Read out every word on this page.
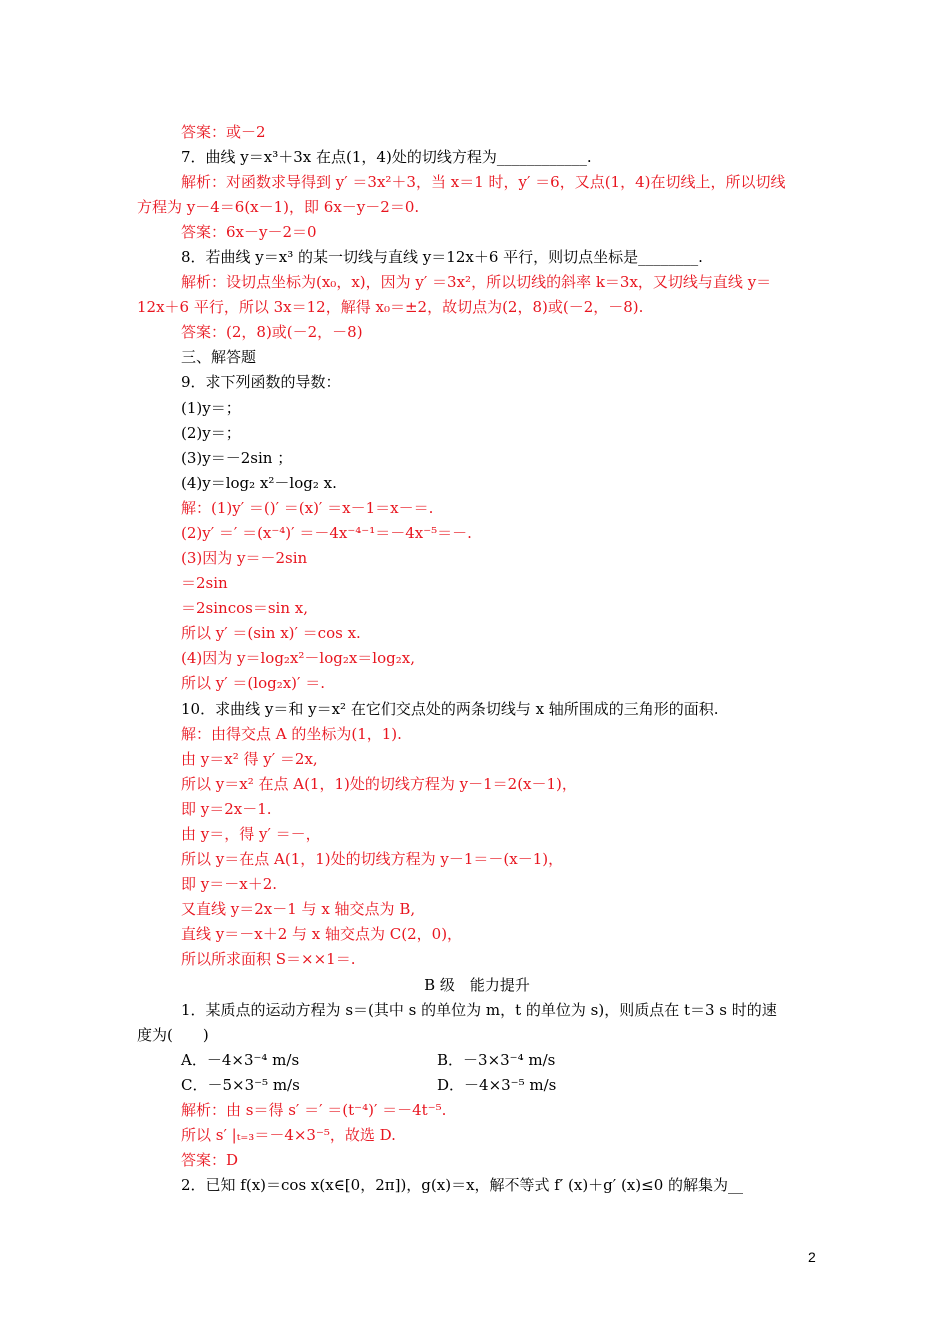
答案：或－2
7．曲线 y＝x³＋3x 在点(1，4)处的切线方程为____________.
解析：对函数求导得到 y′ ＝3x²＋3，当 x＝1 时，y′ ＝6，又点(1，4)在切线上，所以切线
方程为 y－4＝6(x－1)，即 6x－y－2＝0.
答案：6x－y－2＝0
8．若曲线 y＝x³ 的某一切线与直线 y＝12x＋6 平行，则切点坐标是________.
解析：设切点坐标为(x₀，x)，因为 y′ ＝3x²，所以切线的斜率 k＝3x，又切线与直线 y＝
12x＋6 平行，所以 3x＝12，解得 x₀＝±2，故切点为(2，8)或(－2，－8).
答案：(2，8)或(－2，－8)
三、解答题
9．求下列函数的导数：
(1)y＝；
(2)y＝；
(3)y＝－2sin ；
(4)y＝log₂ x²－log₂ x.
解：(1)y′ ＝()′ ＝(x)′ ＝x－1＝x－＝.
(2)y′ ＝′ ＝(x⁻⁴)′ ＝－4x⁻⁴⁻¹＝－4x⁻⁵＝－.
(3)因为 y＝－2sin
＝2sin
＝2sincos＝sin x,
所以 y′ ＝(sin x)′ ＝cos x.
(4)因为 y＝log₂x²－log₂x＝log₂x,
所以 y′ ＝(log₂x)′ ＝.
10．求曲线 y＝和 y＝x² 在它们交点处的两条切线与 x 轴所围成的三角形的面积.
解：由得交点 A 的坐标为(1，1).
由 y＝x² 得 y′ ＝2x,
所以 y＝x² 在点 A(1，1)处的切线方程为 y－1＝2(x－1)，
即 y＝2x－1.
由 y＝，得 y′ ＝－，
所以 y＝在点 A(1，1)处的切线方程为 y－1＝－(x－1)，
即 y＝－x＋2.
又直线 y＝2x－1 与 x 轴交点为 B,
直线 y＝－x＋2 与 x 轴交点为 C(2，0)，
所以所求面积 S＝××1＝.
B 级　能力提升
1．某质点的运动方程为 s＝(其中 s 的单位为 m，t 的单位为 s)，则质点在 t＝3 s 时的速
度为(　　)
A．－4×3⁻⁴ m/s	B．－3×3⁻⁴ m/s
C．－5×3⁻⁵ m/s	D．－4×3⁻⁵ m/s
解析：由 s＝得 s′ ＝′ ＝(t⁻⁴)′ ＝－4t⁻⁵.
所以 s′ |ₜ₌₃＝－4×3⁻⁵，故选 D.
答案：D
2．已知 f(x)＝cos x(x∈[0，2π])，g(x)＝x，解不等式 f′ (x)＋g′ (x)≤0 的解集为__
2
